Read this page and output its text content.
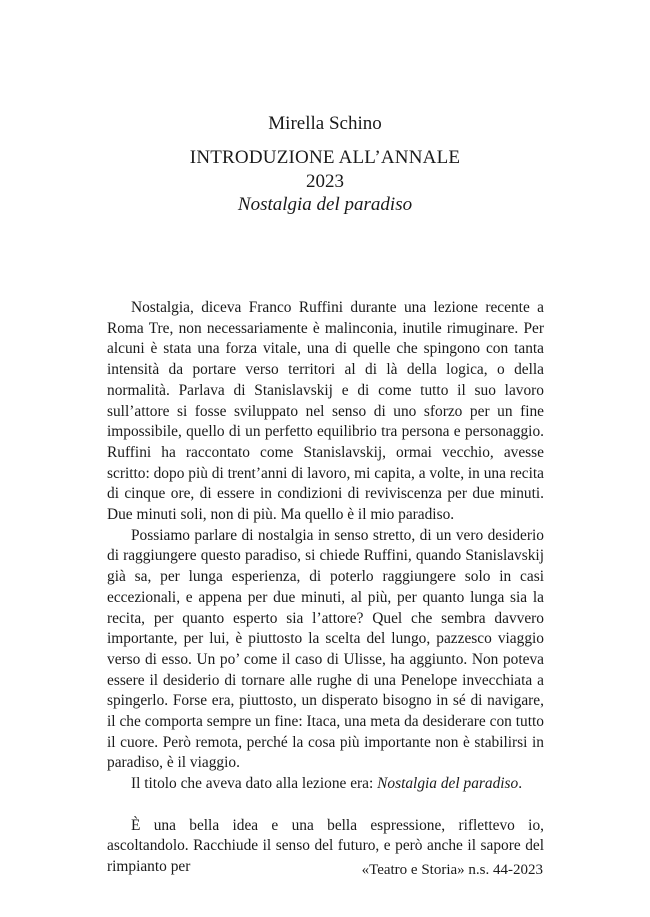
Mirella Schino
INTRODUZIONE ALL’ANNALE
2023
Nostalgia del paradiso

Nostalgia, diceva Franco Ruffini durante una lezione recente a Roma Tre, non necessariamente è malinconia, inutile rimuginare. Per alcuni è stata una forza vitale, una di quelle che spingono con tanta intensità da portare verso territori al di là della logica, o della normalità. Parlava di Stanislavskij e di come tutto il suo lavoro sull’attore si fosse sviluppato nel senso di uno sforzo per un fine impossibile, quello di un perfetto equilibrio tra persona e personaggio. Ruffini ha raccontato come Stanislavskij, ormai vecchio, avesse scritto: dopo più di trent’anni di lavoro, mi capita, a volte, in una recita di cinque ore, di essere in condizioni di reviviscenza per due minuti. Due minuti soli, non di più. Ma quello è il mio paradiso.

Possiamo parlare di nostalgia in senso stretto, di un vero desiderio di raggiungere questo paradiso, si chiede Ruffini, quando Stanislavskij già sa, per lunga esperienza, di poterlo raggiungere solo in casi eccezionali, e appena per due minuti, al più, per quanto lunga sia la recita, per quanto esperto sia l’attore? Quel che sembra davvero importante, per lui, è piuttosto la scelta del lungo, pazzesco viaggio verso di esso. Un po’ come il caso di Ulisse, ha aggiunto. Non poteva essere il desiderio di tornare alle rughe di una Penelope invecchiata a spingerlo. Forse era, piuttosto, un disperato bisogno in sé di navigare, il che comporta sempre un fine: Itaca, una meta da desiderare con tutto il cuore. Però remota, perché la cosa più importante non è stabilirsi in paradiso, è il viaggio.

Il titolo che aveva dato alla lezione era: Nostalgia del paradiso.

È una bella idea e una bella espressione, riflettevo io, ascoltandolo. Racchiude il senso del futuro, e però anche il sapore del rimpianto per	«Teatro e Storia» n.s. 44-2023
